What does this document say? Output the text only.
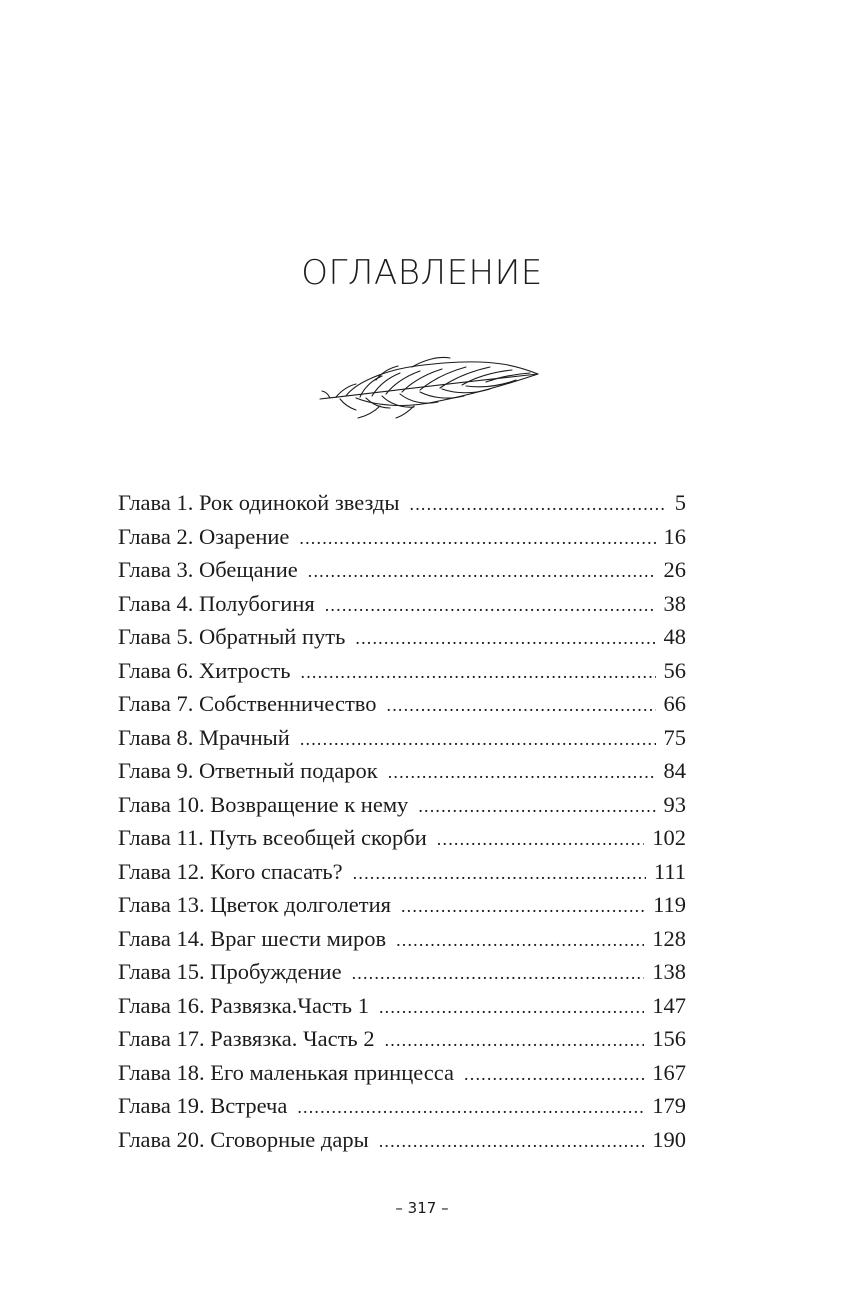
ОГЛАВЛЕНИЕ
Глава 1. Рок одинокой звезды .....	5
Глава 2. Озарение .....	16
Глава 3. Обещание .....	26
Глава 4. Полубогиня .....	38
Глава 5. Обратный путь .....	48
Глава 6. Хитрость .....	56
Глава 7. Собственничество .....	66
Глава 8. Мрачный .....	75
Глава 9. Ответный подарок .....	84
Глава 10. Возвращение к нему .....	93
Глава 11. Путь всеобщей скорби .....	102
Глава 12. Кого спасать? .....	111
Глава 13. Цветок долголетия .....	119
Глава 14. Враг шести миров .....	128
Глава 15. Пробуждение .....	138
Глава 16. Развязка.Часть 1 .....	147
Глава 17. Развязка. Часть 2 .....	156
Глава 18. Его маленькая принцесса .....	167
Глава 19. Встреча .....	179
Глава 20. Сговорные дары .....	190
– 317 –
